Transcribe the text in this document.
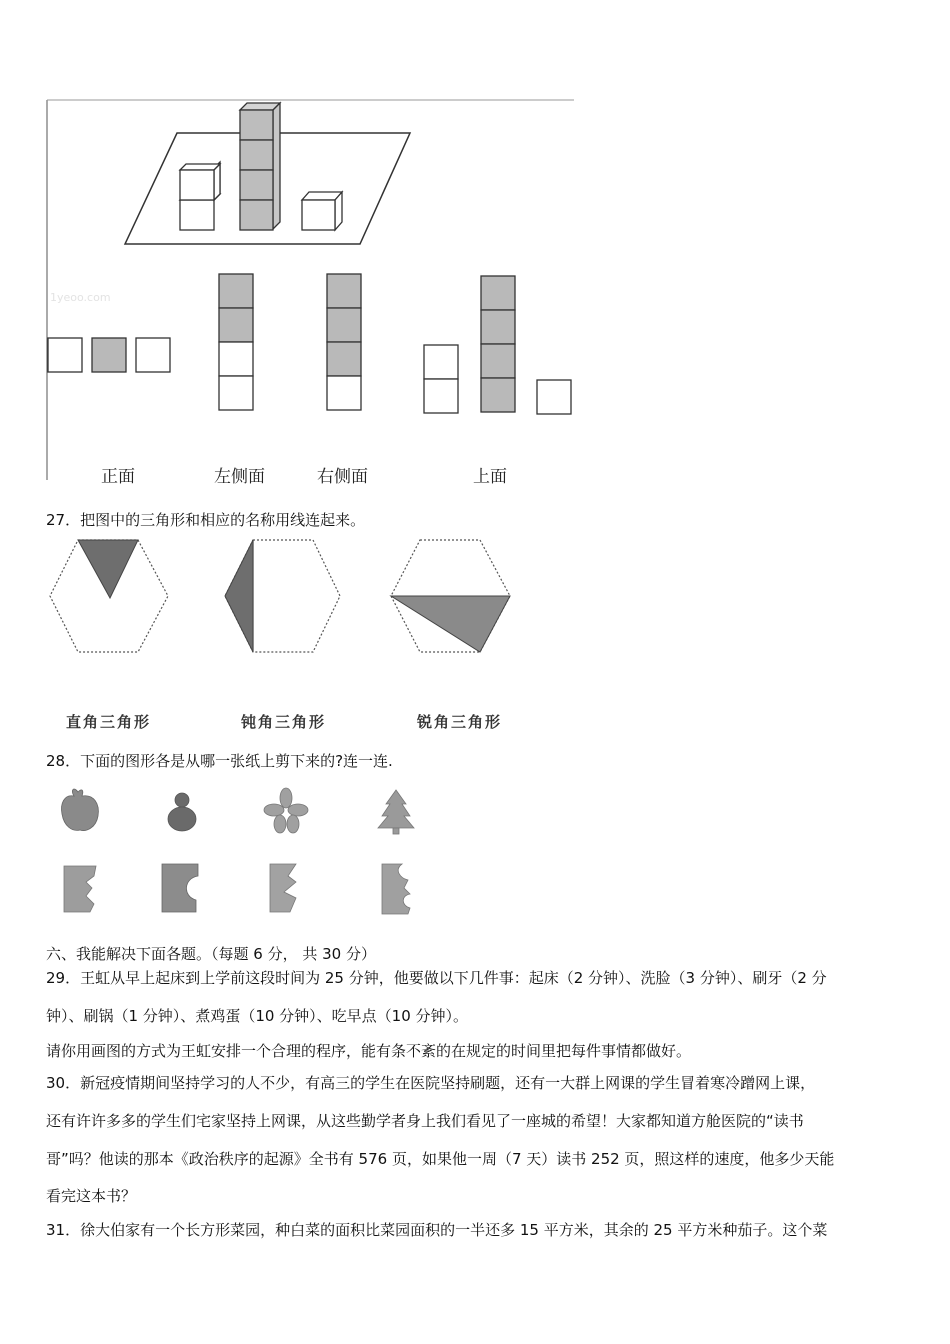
1yeoo.com
正面	左侧面	右侧面	上面
27．把图中的三角形和相应的名称用线连起来。
直角三角形	钝角三角形	锐角三角形
28．下面的图形各是从哪一张纸上剪下来的?连一连.
六、我能解决下面各题。（每题 6 分， 共 30 分）
29．王虹从早上起床到上学前这段时间为 25 分钟，他要做以下几件事：起床（2 分钟）、洗脸（3 分钟）、刷牙（2 分
钟）、刷锅（1 分钟）、煮鸡蛋（10 分钟）、吃早点（10 分钟）。
请你用画图的方式为王虹安排一个合理的程序，能有条不紊的在规定的时间里把每件事情都做好。
30．新冠疫情期间坚持学习的人不少，有高三的学生在医院坚持刷题，还有一大群上网课的学生冒着寒冷蹭网上课，
还有许许多多的学生们宅家坚持上网课，从这些勤学者身上我们看见了一座城的希望！大家都知道方舱医院的“读书
哥”吗？他读的那本《政治秩序的起源》全书有 576 页，如果他一周（7 天）读书 252 页，照这样的速度，他多少天能
看完这本书？
31．徐大伯家有一个长方形菜园，种白菜的面积比菜园面积的一半还多 15 平方米，其余的 25 平方米种茄子。这个菜
